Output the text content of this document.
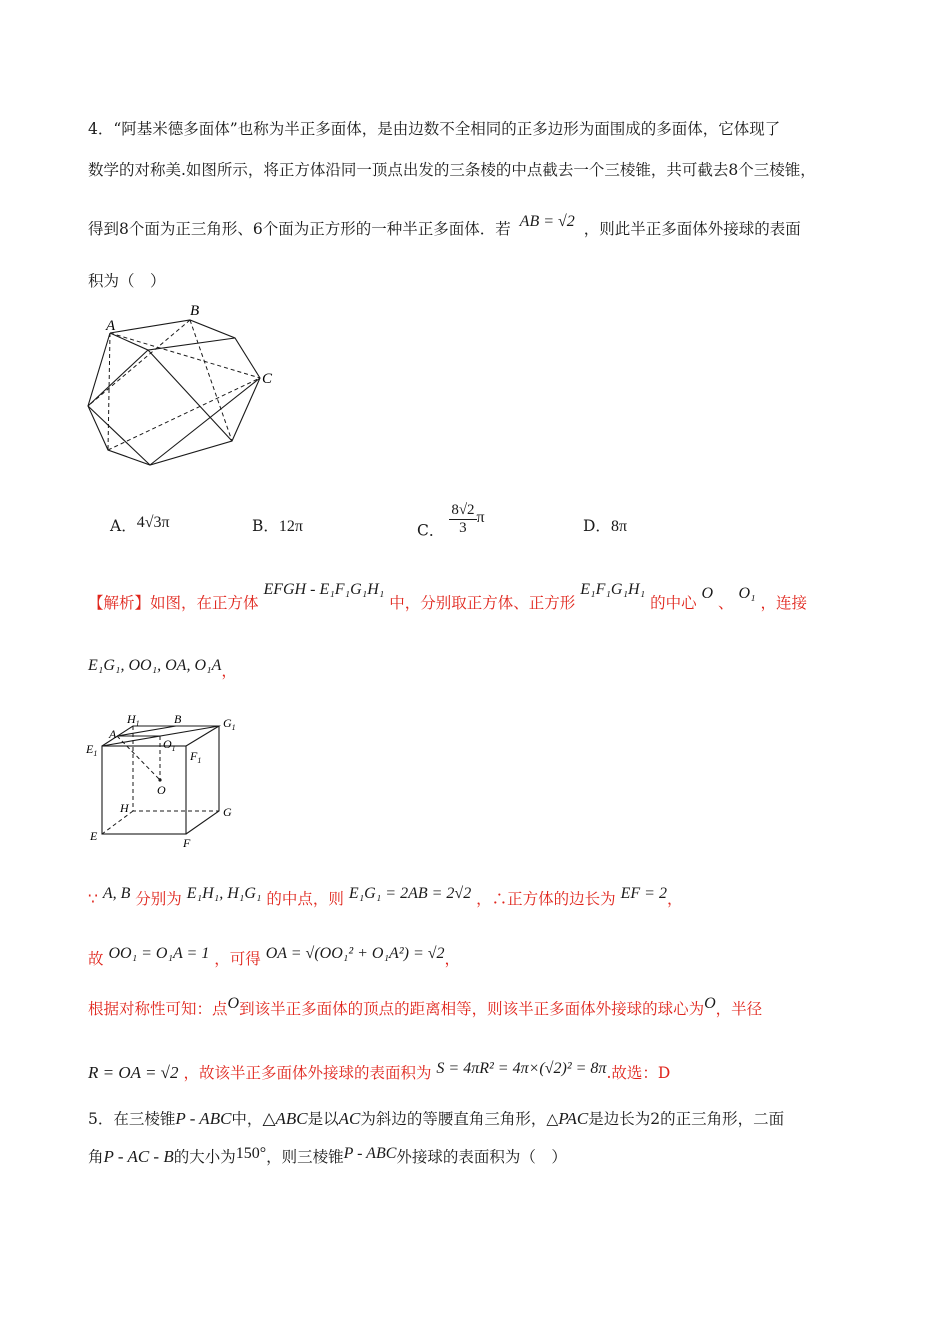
4．“阿基米德多面体”也称为半正多面体，是由边数不全相同的正多边形为面围成的多面体，它体现了
数学的对称美.如图所示，将正方体沿同一顶点出发的三条棱的中点截去一个三棱锥，共可截去8个三棱锥，
得到8个面为正三角形、6个面为正方形的一种半正多面体．若 AB = √2 ，则此半正多面体外接球的表面
积为（　）
A
B
C
A．4√3π	B．12π	C． $\frac{8√2}{3}$ π	D．8π
【解析】如图，在正方体 EFGH - E₁F₁G₁H₁ 中，分别取正方体、正方形 E₁F₁G₁H₁ 的中心 O 、 O₁ ，连接
E₁G₁, OO₁, OA, O₁A，
$H_1$	B	$G_1$
A
$O_1$
$E_1$	$F_1$
O
H	G
E	F
∵ A, B 分别为 E₁H₁, H₁G₁ 的中点，则 E₁G₁ = 2AB = 2√2 ，∴正方体的边长为 EF = 2，
故 OO₁ = O₁A = 1 ，可得 OA = √(OO₁² + O₁A²) = √2，
根据对称性可知：点O到该半正多面体的顶点的距离相等，则该半正多面体外接球的球心为O，半径
R = OA = √2 ，故该半正多面体外接球的表面积为 S = 4πR² = 4π×(√2)² = 8π.故选：D
5．在三棱锥P - ABC中，△ABC是以AC为斜边的等腰直角三角形，△PAC是边长为2的正三角形，二面
角P - AC - B的大小为150°，则三棱锥P - ABC外接球的表面积为（　）
